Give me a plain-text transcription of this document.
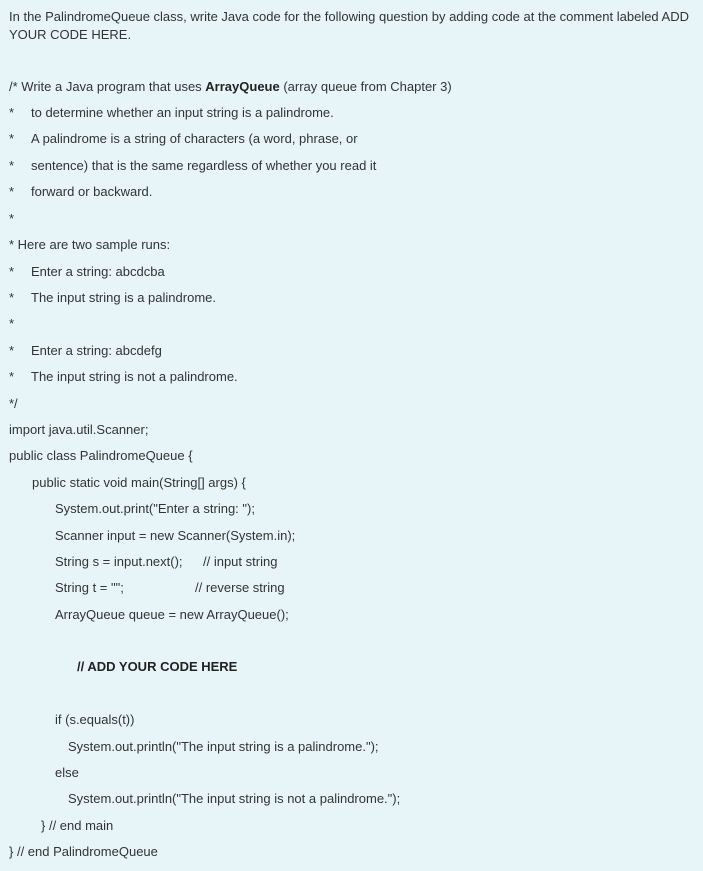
In the PalindromeQueue class, write Java code for the following question by adding code at the comment labeled ADD YOUR CODE HERE.
/* Write a Java program that uses ArrayQueue (array queue from Chapter 3)
* to determine whether an input string is a palindrome.
* A palindrome is a string of characters (a word, phrase, or
* sentence) that is the same regardless of whether you read it
* forward or backward.
*
* Here are two sample runs:
* Enter a string: abcdcba
* The input string is a palindrome.
*
* Enter a string: abcdefg
* The input string is not a palindrome.
*/
import java.util.Scanner;
public class PalindromeQueue {
public static void main(String[] args) {
System.out.print("Enter a string: ");
Scanner input = new Scanner(System.in);
String s = input.next(); // input string
String t = "";	// reverse string
ArrayQueue queue = new ArrayQueue();
// ADD YOUR CODE HERE
if (s.equals(t))
System.out.println("The input string is a palindrome.");
else
System.out.println("The input string is not a palindrome.");
} // end main
} // end PalindromeQueue
